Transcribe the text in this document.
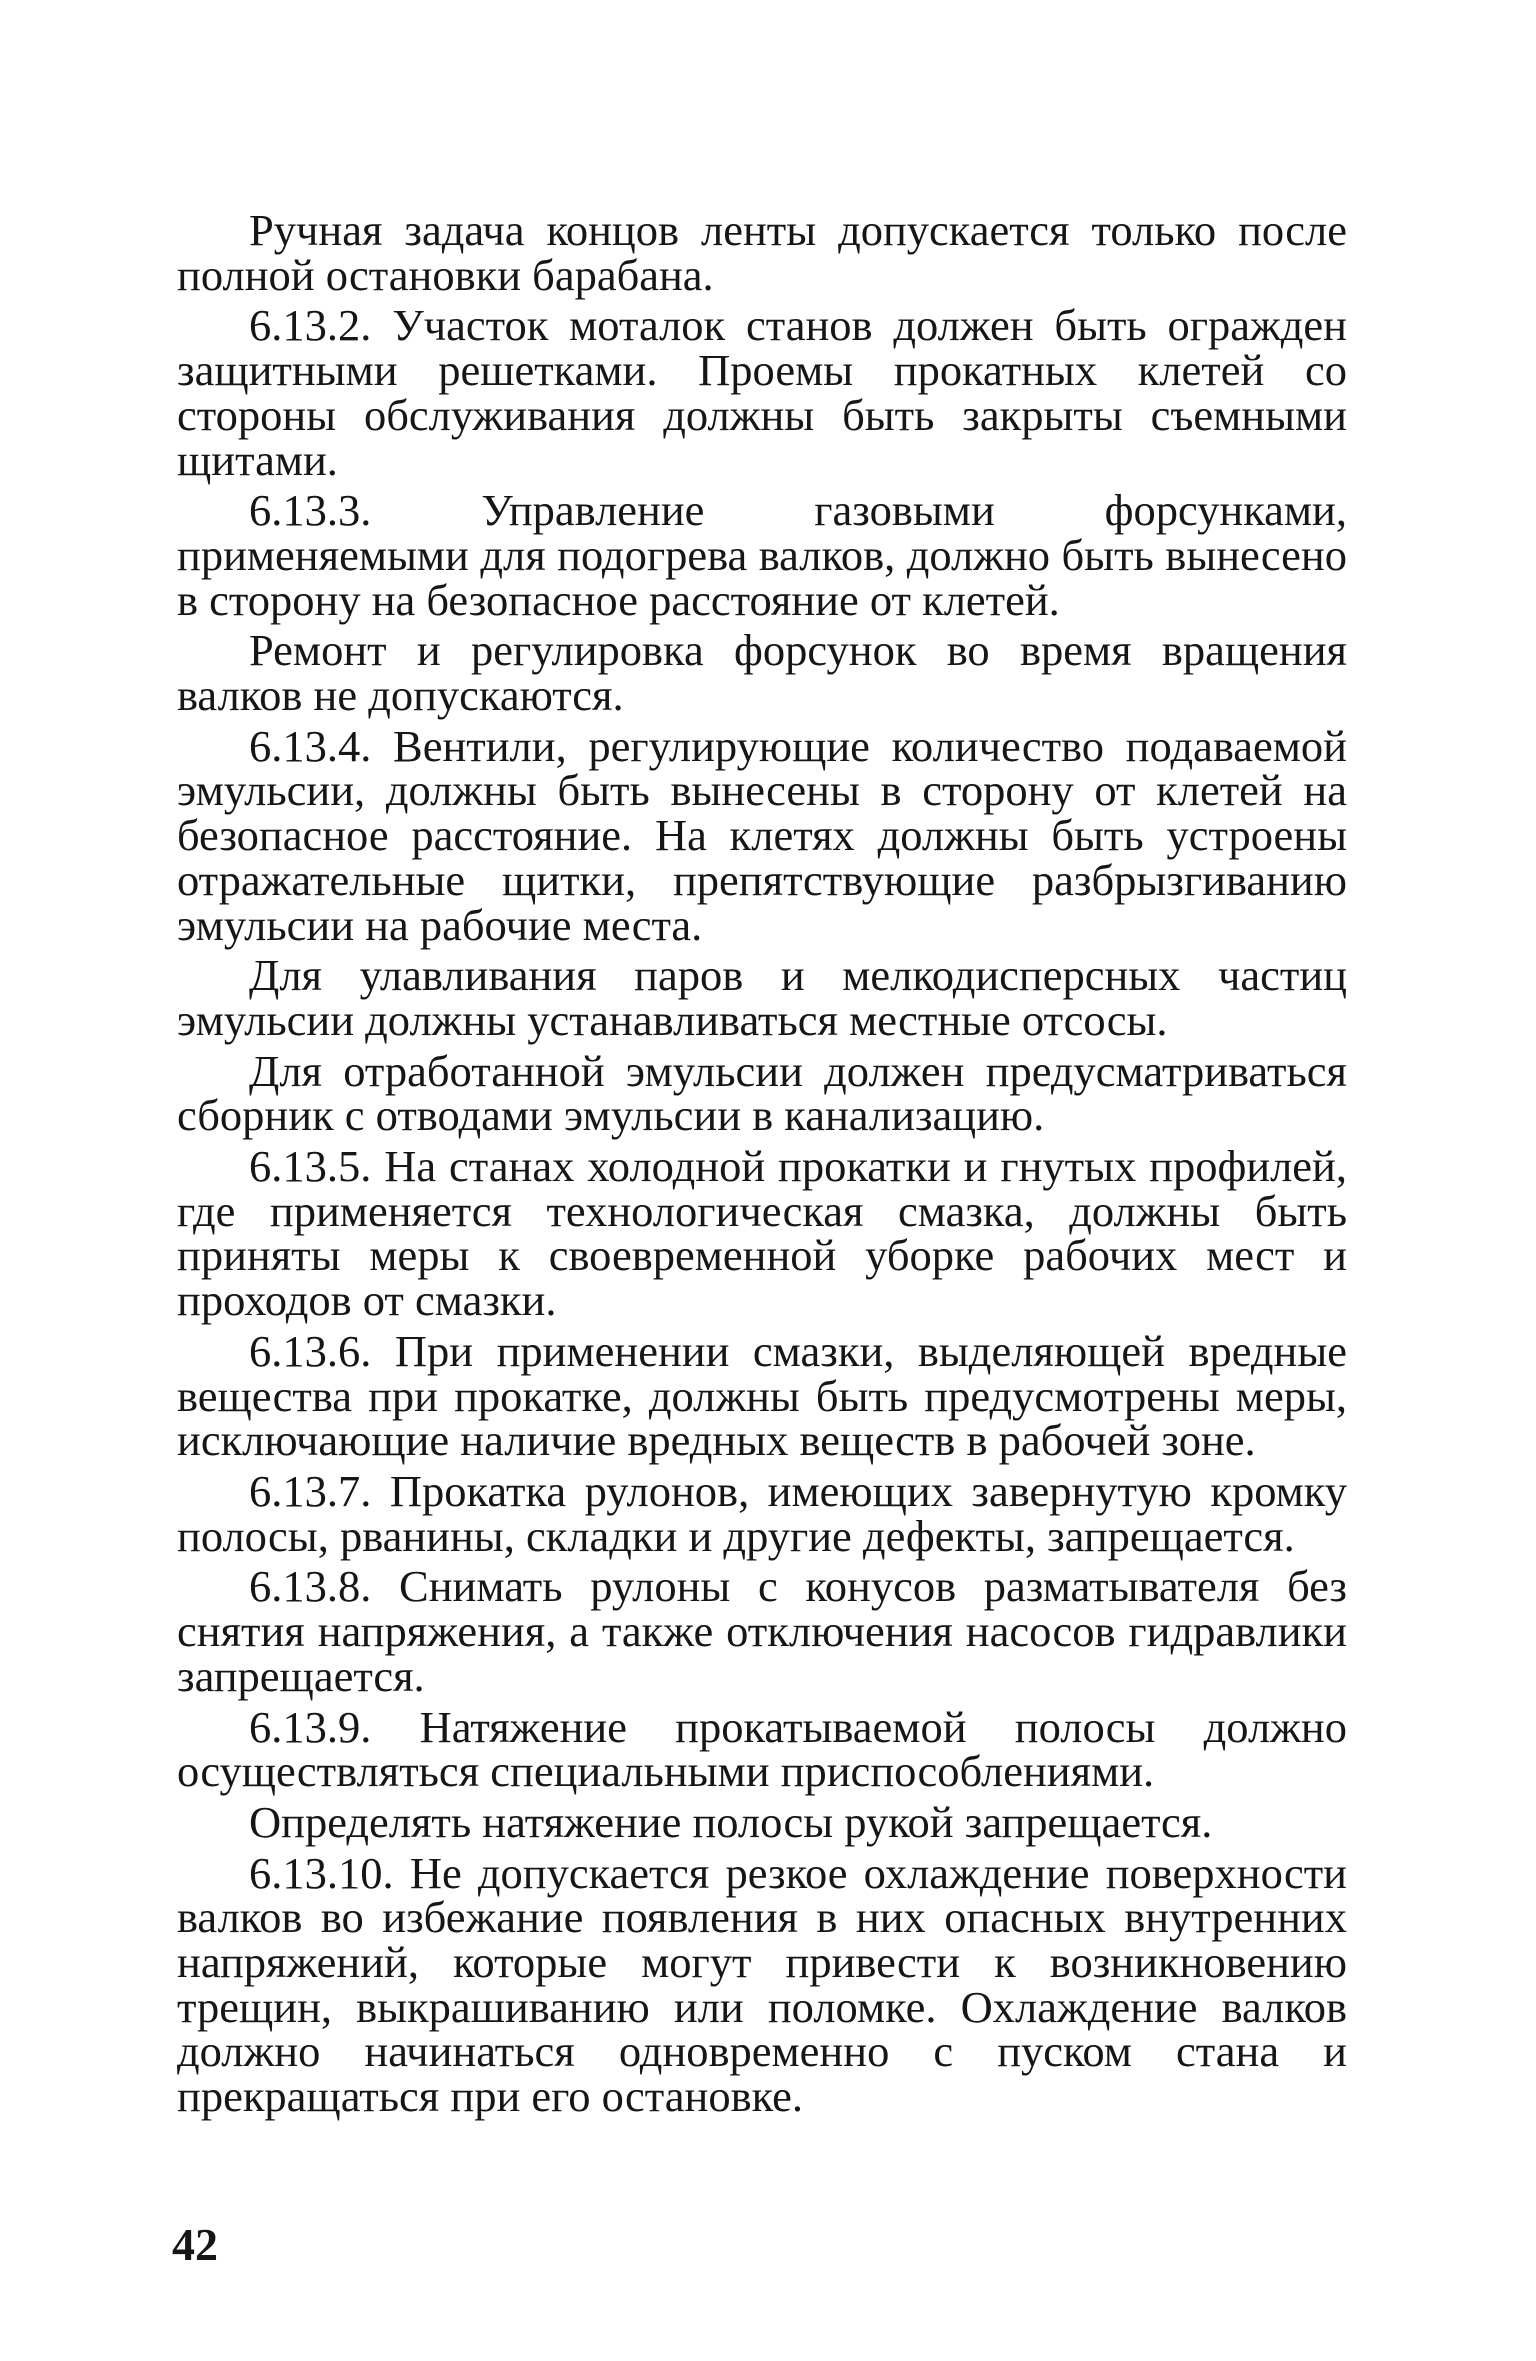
Ручная задача концов ленты допускается только после полной остановки барабана.

6.13.2. Участок моталок станов должен быть огражден защитными решетками. Проемы прокатных клетей со стороны обслуживания должны быть закрыты съемными щитами.

6.13.3. Управление газовыми форсунками, применяемыми для подогрева валков, должно быть вынесено в сторону на безопасное расстояние от клетей.

Ремонт и регулировка форсунок во время вращения валков не допускаются.

6.13.4. Вентили, регулирующие количество подаваемой эмульсии, должны быть вынесены в сторону от клетей на безопасное расстояние. На клетях должны быть устроены отражательные щитки, препятствующие разбрызгиванию эмульсии на рабочие места.

Для улавливания паров и мелкодисперсных частиц эмульсии должны устанавливаться местные отсосы.

Для отработанной эмульсии должен предусматриваться сборник с отводами эмульсии в канализацию.

6.13.5. На станах холодной прокатки и гнутых профилей, где применяется технологическая смазка, должны быть приняты меры к своевременной уборке рабочих мест и проходов от смазки.

6.13.6. При применении смазки, выделяющей вредные вещества при прокатке, должны быть предусмотрены меры, исключающие наличие вредных веществ в рабочей зоне.

6.13.7. Прокатка рулонов, имеющих завернутую кромку полосы, рванины, складки и другие дефекты, запрещается.

6.13.8. Снимать рулоны с конусов разматывателя без снятия напряжения, а также отключения насосов гидравлики запрещается.

6.13.9. Натяжение прокатываемой полосы должно осуществляться специальными приспособлениями.

Определять натяжение полосы рукой запрещается.

6.13.10. Не допускается резкое охлаждение поверхности валков во избежание появления в них опасных внутренних напряжений, которые могут привести к возникновению трещин, выкрашиванию или поломке. Охлаждение валков должно начинаться одновременно с пуском стана и прекращаться при его остановке.

42
